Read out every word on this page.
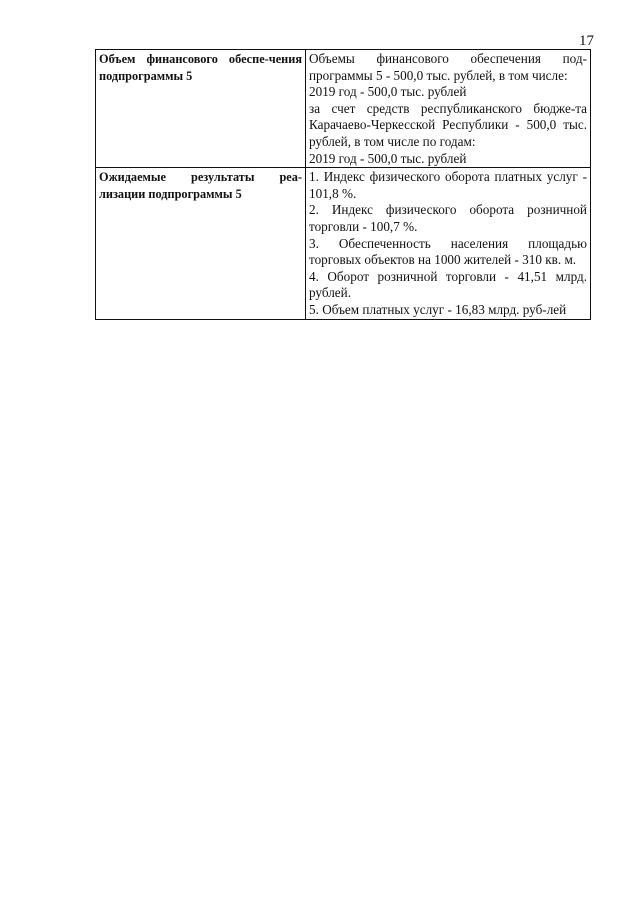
17
Объем финансового обеспе-чения подпрограммы 5	Объемы финансового обеспечения под-программы 5 - 500,0 тыс. рублей, в том числе:
2019 год - 500,0 тыс. рублей
за счет средств республиканского бюдже-та Карачаево-Черкесской Республики - 500,0 тыс. рублей, в том числе по годам:
2019 год - 500,0 тыс. рублей

Ожидаемые результаты реа-лизации подпрограммы 5	1. Индекс физического оборота платных услуг - 101,8 %.
2. Индекс физического оборота розничной торговли - 100,7 %.
3. Обеспеченность населения площадью торговых объектов на 1000 жителей - 310 кв. м.
4. Оборот розничной торговли - 41,51 млрд. рублей.
5. Объем платных услуг - 16,83 млрд. руб-лей
